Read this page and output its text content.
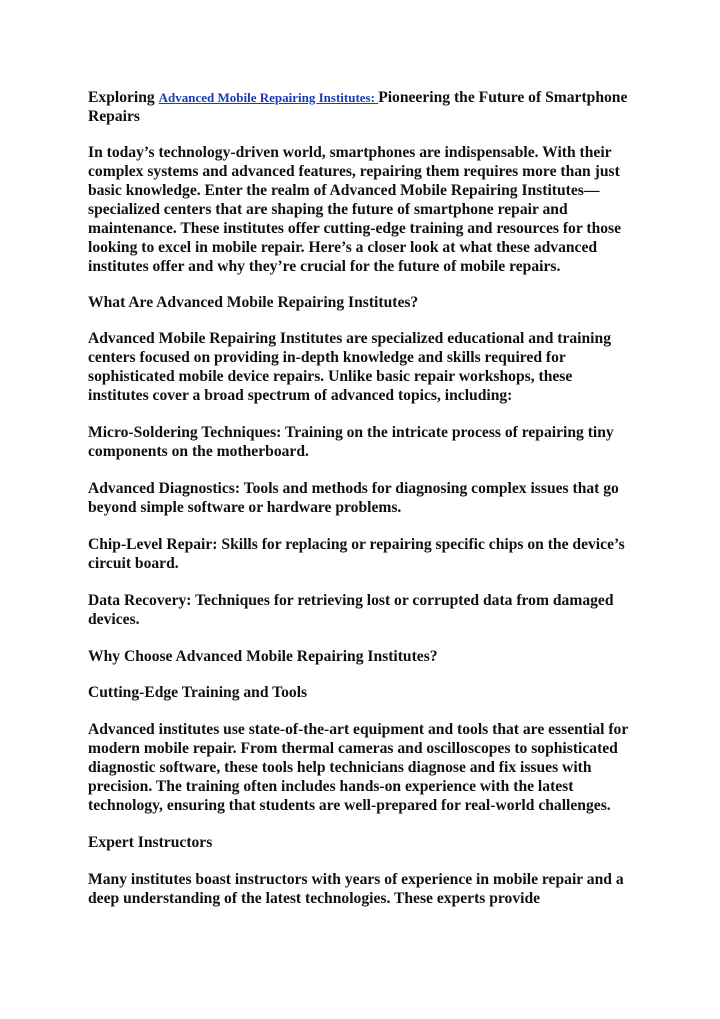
Exploring Advanced Mobile Repairing Institutes: Pioneering the Future of Smartphone Repairs

In today’s technology-driven world, smartphones are indispensable. With their complex systems and advanced features, repairing them requires more than just basic knowledge. Enter the realm of Advanced Mobile Repairing Institutes—specialized centers that are shaping the future of smartphone repair and maintenance. These institutes offer cutting-edge training and resources for those looking to excel in mobile repair. Here’s a closer look at what these advanced institutes offer and why they’re crucial for the future of mobile repairs.

What Are Advanced Mobile Repairing Institutes?

Advanced Mobile Repairing Institutes are specialized educational and training centers focused on providing in-depth knowledge and skills required for sophisticated mobile device repairs. Unlike basic repair workshops, these institutes cover a broad spectrum of advanced topics, including:

Micro-Soldering Techniques: Training on the intricate process of repairing tiny components on the motherboard.

Advanced Diagnostics: Tools and methods for diagnosing complex issues that go beyond simple software or hardware problems.

Chip-Level Repair: Skills for replacing or repairing specific chips on the device’s circuit board.

Data Recovery: Techniques for retrieving lost or corrupted data from damaged devices.

Why Choose Advanced Mobile Repairing Institutes?

Cutting-Edge Training and Tools

Advanced institutes use state-of-the-art equipment and tools that are essential for modern mobile repair. From thermal cameras and oscilloscopes to sophisticated diagnostic software, these tools help technicians diagnose and fix issues with precision. The training often includes hands-on experience with the latest technology, ensuring that students are well-prepared for real-world challenges.

Expert Instructors

Many institutes boast instructors with years of experience in mobile repair and a deep understanding of the latest technologies. These experts provide
